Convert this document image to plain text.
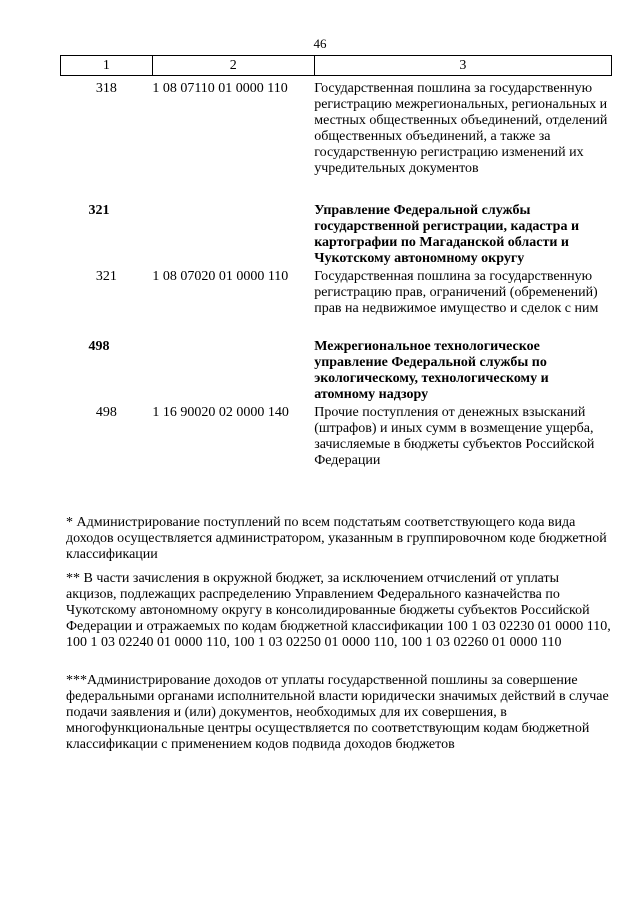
46
1	2	3
318	1 08 07110 01 0000 110	Государственная пошлина за государственную регистрацию межрегиональных, региональных и местных общественных объединений, отделений общественных объединений, а также за государственную регистрацию изменений их учредительных документов
321		Управление Федеральной службы государственной регистрации, кадастра и картографии по Магаданской области и Чукотскому автономному округу
321	1 08 07020 01 0000 110	Государственная пошлина за государственную регистрацию прав, ограничений (обременений) прав на недвижимое имущество и сделок с ним
498		Межрегиональное технологическое управление Федеральной службы по экологическому, технологическому и атомному надзору
498	1 16 90020 02 0000 140	Прочие поступления от денежных взысканий (штрафов) и иных сумм в возмещение ущерба, зачисляемые в бюджеты субъектов Российской Федерации
* Администрирование поступлений по всем подстатьям соответствующего кода вида доходов осуществляется администратором, указанным в группировочном коде бюджетной классификации
** В части зачисления в окружной бюджет, за исключением отчислений от уплаты акцизов, подлежащих распределению Управлением Федерального казначейства по Чукотскому автономному округу в консолидированные бюджеты субъектов Российской Федерации и отражаемых по кодам бюджетной классификации 100 1 03 02230 01 0000 110, 100 1 03 02240 01 0000 110, 100 1 03 02250 01 0000 110, 100 1 03 02260 01 0000 110
***Администрирование доходов от уплаты государственной пошлины за совершение федеральными органами исполнительной власти юридически значимых действий в случае подачи заявления и (или) документов, необходимых для их совершения, в многофункциональные центры осуществляется по соответствующим кодам бюджетной классификации с применением кодов подвида доходов бюджетов
